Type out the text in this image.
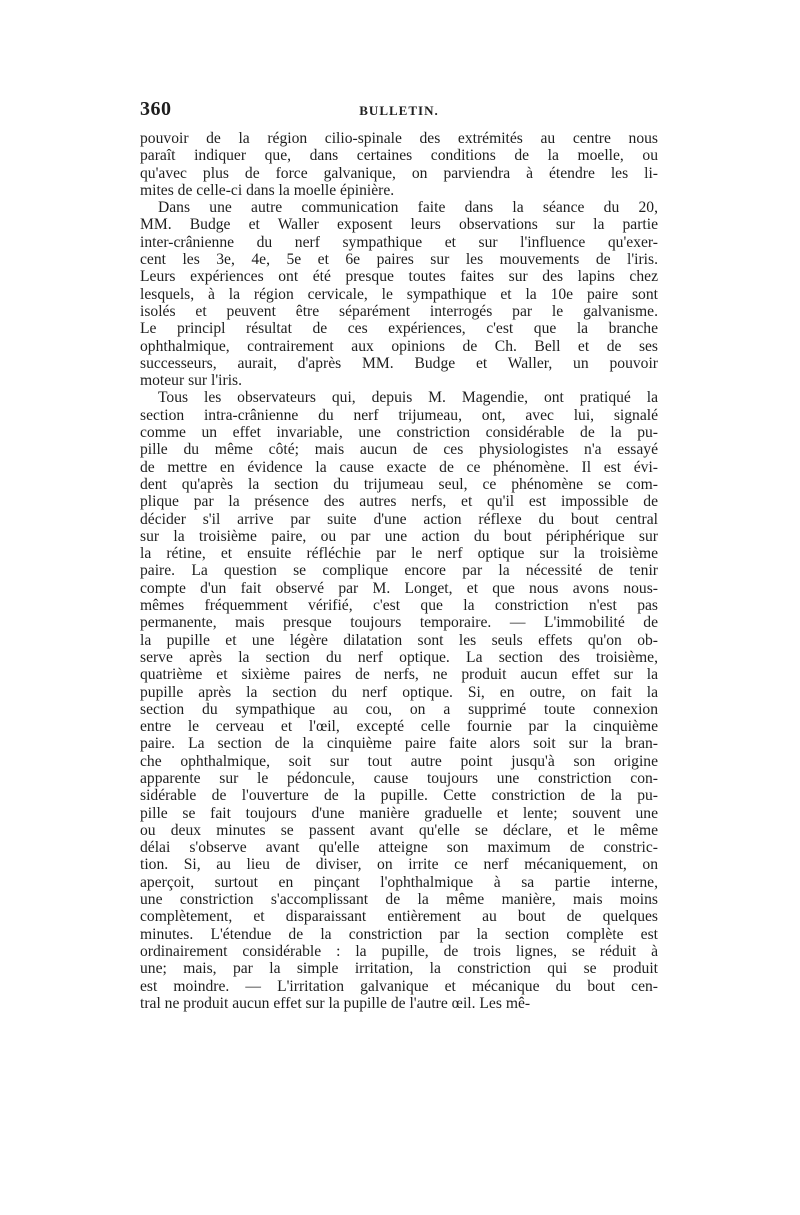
360	BULLETIN.
pouvoir de la région cilio-spinale des extrémités au centre nous
paraît indiquer que, dans certaines conditions de la moelle, ou
qu'avec plus de force galvanique, on parviendra à étendre les li-
mites de celle-ci dans la moelle épinière.
Dans une autre communication faite dans la séance du 20,
MM. Budge et Waller exposent leurs observations sur la partie
inter-crânienne du nerf sympathique et sur l'influence qu'exer-
cent les 3e, 4e, 5e et 6e paires sur les mouvements de l'iris.
Leurs expériences ont été presque toutes faites sur des lapins chez
lesquels, à la région cervicale, le sympathique et la 10e paire sont
isolés et peuvent être séparément interrogés par le galvanisme.
Le principl résultat de ces expériences, c'est que la branche
ophthalmique, contrairement aux opinions de Ch. Bell et de ses
successeurs, aurait, d'après MM. Budge et Waller, un pouvoir
moteur sur l'iris.
Tous les observateurs qui, depuis M. Magendie, ont pratiqué la
section intra-crânienne du nerf trijumeau, ont, avec lui, signalé
comme un effet invariable, une constriction considérable de la pu-
pille du même côté; mais aucun de ces physiologistes n'a essayé
de mettre en évidence la cause exacte de ce phénomène. Il est évi-
dent qu'après la section du trijumeau seul, ce phénomène se com-
plique par la présence des autres nerfs, et qu'il est impossible de
décider s'il arrive par suite d'une action réflexe du bout central
sur la troisième paire, ou par une action du bout périphérique sur
la rétine, et ensuite réfléchie par le nerf optique sur la troisième
paire. La question se complique encore par la nécessité de tenir
compte d'un fait observé par M. Longet, et que nous avons nous-
mêmes fréquemment vérifié, c'est que la constriction n'est pas
permanente, mais presque toujours temporaire. — L'immobilité de
la pupille et une légère dilatation sont les seuls effets qu'on ob-
serve après la section du nerf optique. La section des troisième,
quatrième et sixième paires de nerfs, ne produit aucun effet sur la
pupille après la section du nerf optique. Si, en outre, on fait la
section du sympathique au cou, on a supprimé toute connexion
entre le cerveau et l'œil, excepté celle fournie par la cinquième
paire. La section de la cinquième paire faite alors soit sur la bran-
che ophthalmique, soit sur tout autre point jusqu'à son origine
apparente sur le pédoncule, cause toujours une constriction con-
sidérable de l'ouverture de la pupille. Cette constriction de la pu-
pille se fait toujours d'une manière graduelle et lente; souvent une
ou deux minutes se passent avant qu'elle se déclare, et le même
délai s'observe avant qu'elle atteigne son maximum de constric-
tion. Si, au lieu de diviser, on irrite ce nerf mécaniquement, on
aperçoit, surtout en pinçant l'ophthalmique à sa partie interne,
une constriction s'accomplissant de la même manière, mais moins
complètement, et disparaissant entièrement au bout de quelques
minutes. L'étendue de la constriction par la section complète est
ordinairement considérable : la pupille, de trois lignes, se réduit à
une; mais, par la simple irritation, la constriction qui se produit
est moindre. — L'irritation galvanique et mécanique du bout cen-
tral ne produit aucun effet sur la pupille de l'autre œil. Les mê-
